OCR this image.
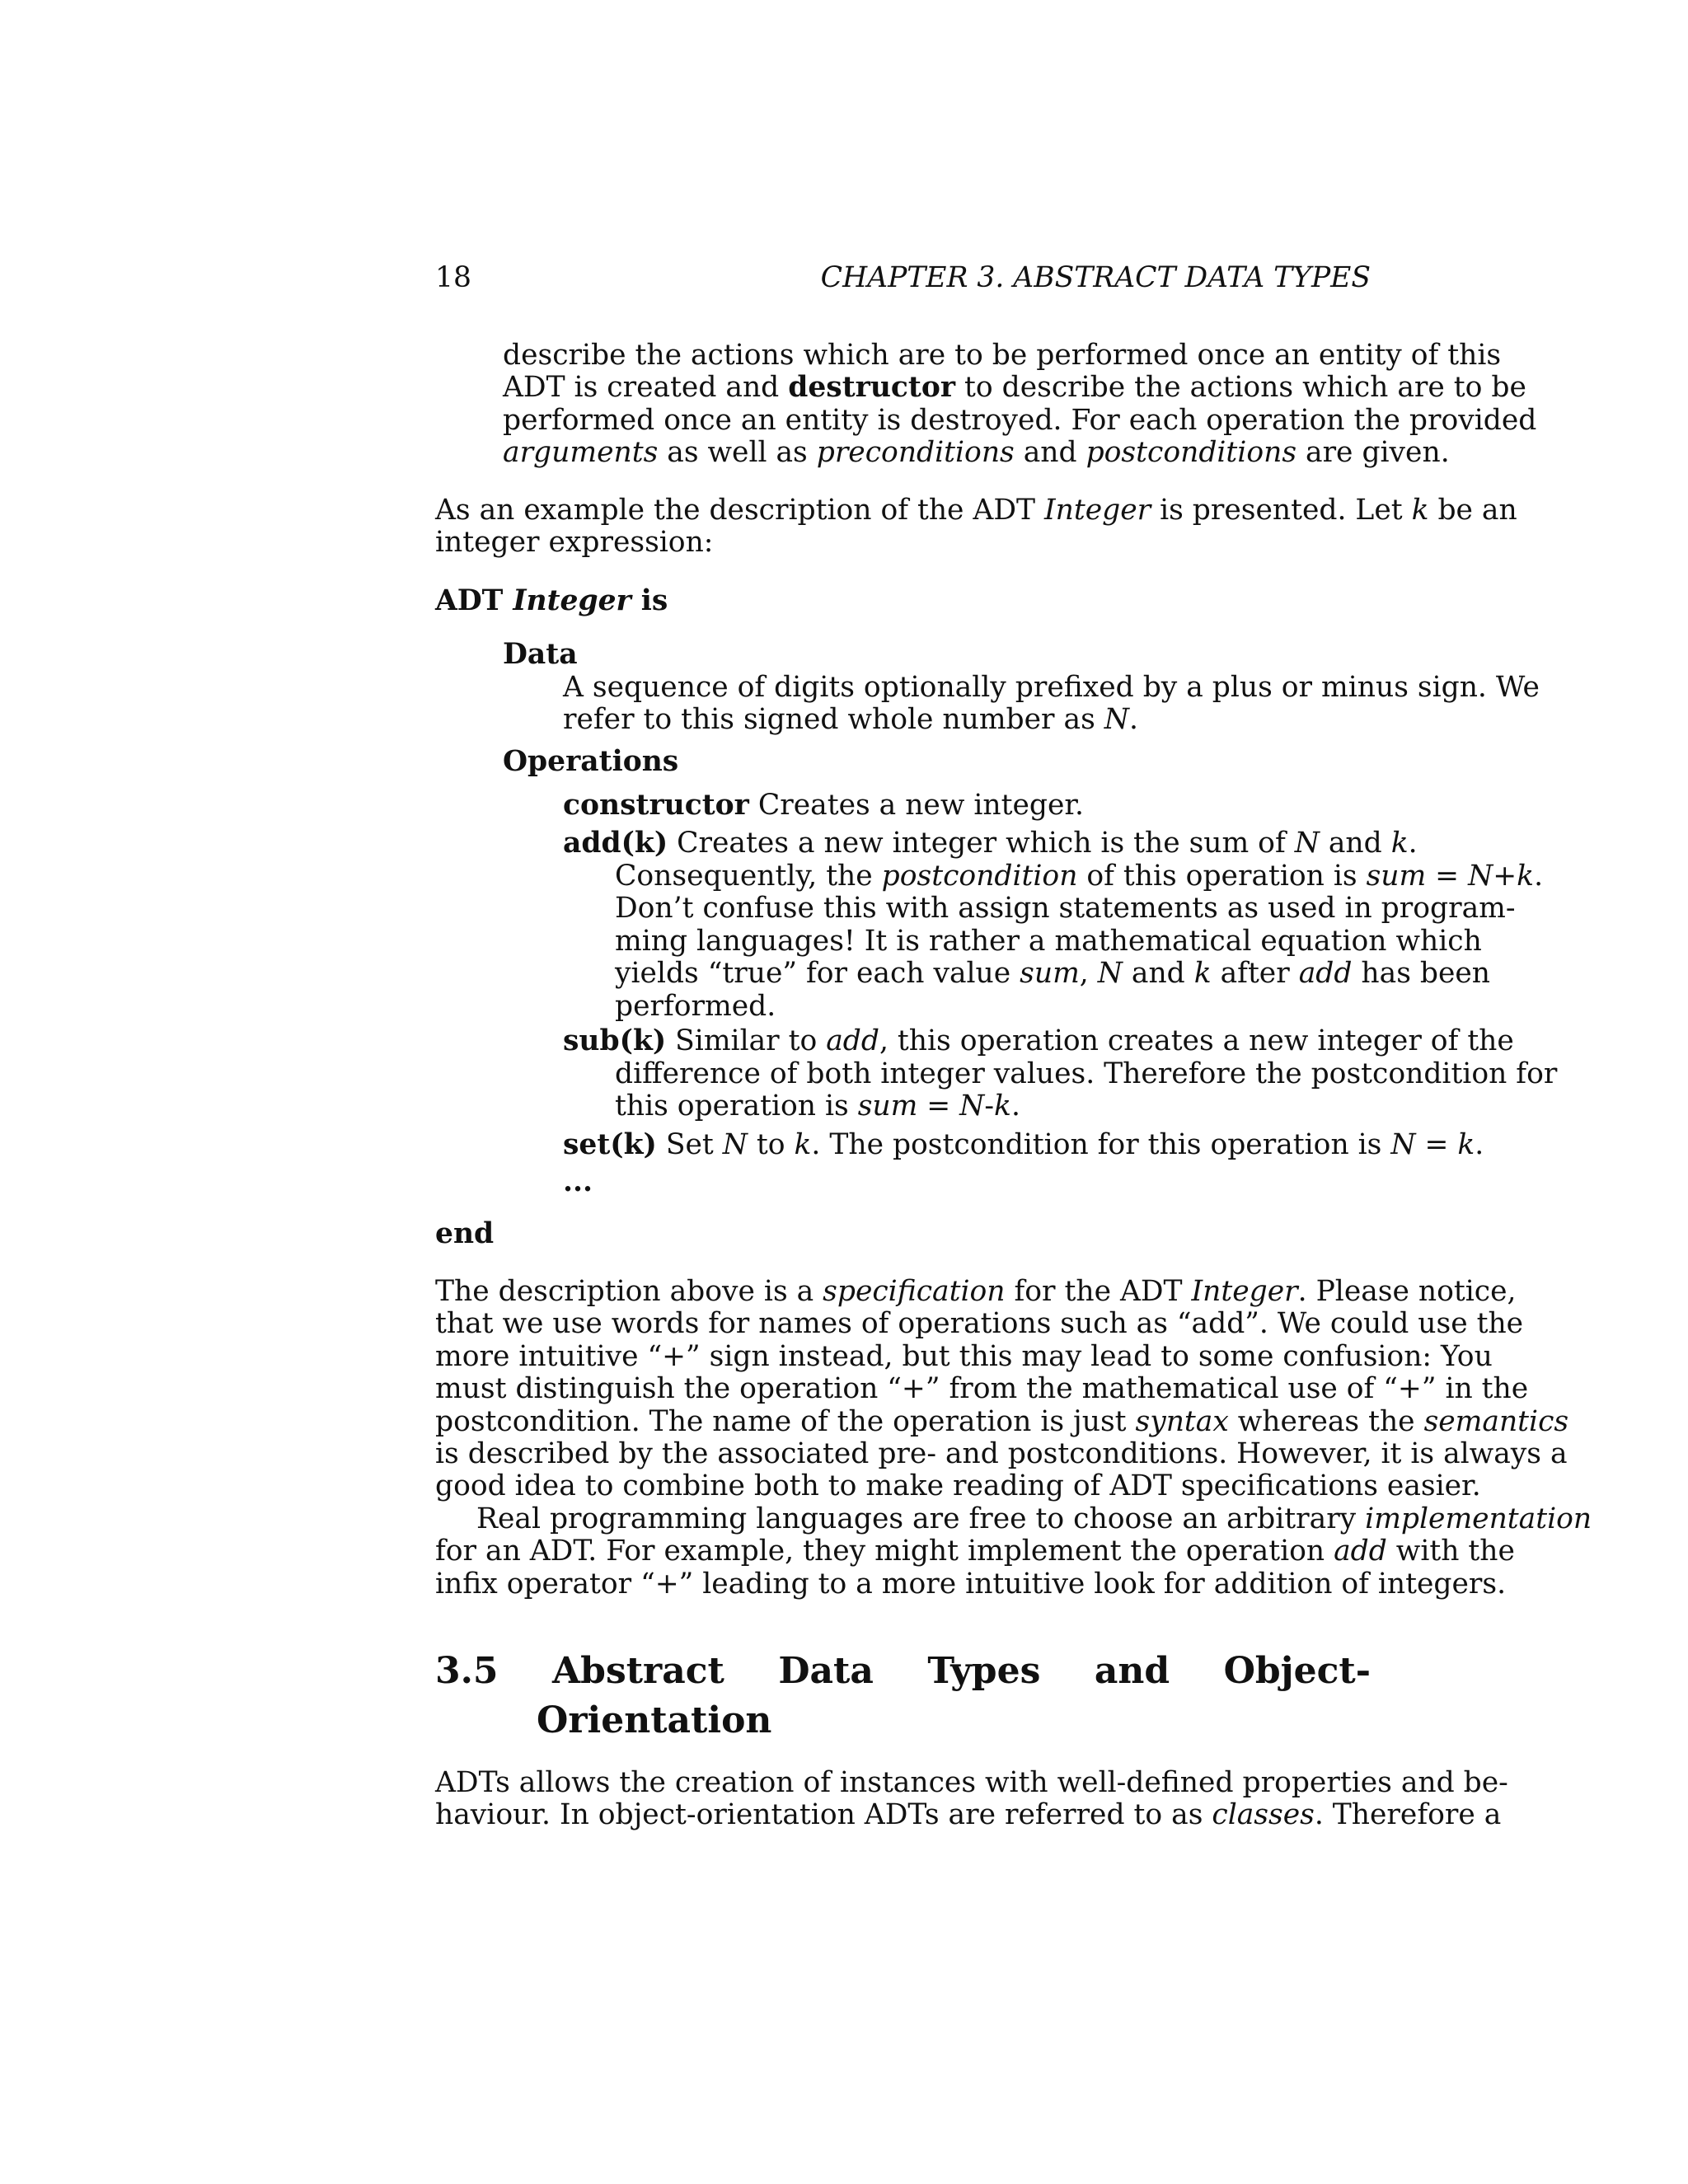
18	CHAPTER 3. ABSTRACT DATA TYPES
describe the actions which are to be performed once an entity of this
ADT is created and destructor to describe the actions which are to be
performed once an entity is destroyed. For each operation the provided
arguments as well as preconditions and postconditions are given.
As an example the description of the ADT Integer is presented. Let k be an
integer expression:
ADT Integer is
Data
A sequence of digits optionally prefixed by a plus or minus sign. We
refer to this signed whole number as N.
Operations
constructor Creates a new integer.
add(k) Creates a new integer which is the sum of N and k.
Consequently, the postcondition of this operation is sum = N+k.
Don’t confuse this with assign statements as used in program-
ming languages! It is rather a mathematical equation which
yields “true” for each value sum, N and k after add has been
performed.
sub(k) Similar to add, this operation creates a new integer of the
difference of both integer values. Therefore the postcondition for
this operation is sum = N-k.
set(k) Set N to k. The postcondition for this operation is N = k.
...
end
The description above is a specification for the ADT Integer. Please notice,
that we use words for names of operations such as “add”. We could use the
more intuitive “+” sign instead, but this may lead to some confusion: You
must distinguish the operation “+” from the mathematical use of “+” in the
postcondition. The name of the operation is just syntax whereas the semantics
is described by the associated pre- and postconditions. However, it is always a
good idea to combine both to make reading of ADT specifications easier.
Real programming languages are free to choose an arbitrary implementation
for an ADT. For example, they might implement the operation add with the
infix operator “+” leading to a more intuitive look for addition of integers.
3.5 Abstract Data Types and Object-
Orientation
ADTs allows the creation of instances with well-defined properties and be-
haviour. In object-orientation ADTs are referred to as classes. Therefore a
